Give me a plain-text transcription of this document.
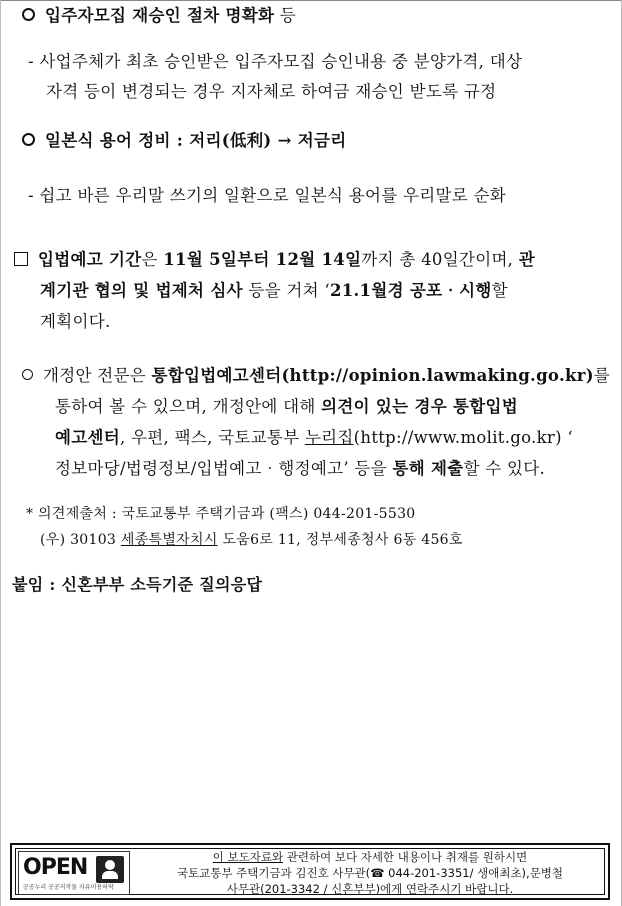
입주자모집 재승인 절차 명확화 등
- 사업주체가 최초 승인받은 입주자모집 승인내용 중 분양가격, 대상
자격 등이 변경되는 경우 지자체로 하여금 재승인 받도록 규정
일본식 용어 정비 : 저리(低利) → 저금리
- 쉽고 바른 우리말 쓰기의 일환으로 일본식 용어를 우리말로 순화
입법예고 기간은 11월 5일부터 12월 14일까지 총 40일간이며, 관
계기관 협의 및 법제처 심사 등을 거쳐 ‘21.1월경 공포‧시행할
계획이다.
개정안 전문은 통합입법예고센터(http://opinion.lawmaking.go.kr)를
통하여 볼 수 있으며, 개정안에 대해 의견이 있는 경우 통합입법
예고센터, 우편, 팩스, 국토교통부 누리집(http://www.molit.go.kr) ‘
정보마당/법령정보/입법예고‧행정예고’ 등을 통해 제출할 수 있다.
* 의견제출처 : 국토교통부 주택기금과 (팩스) 044-201-5530
(우) 30103 세종특별자치시 도움6로 11, 정부세종청사 6동 456호
붙임 : 신혼부부 소득기준 질의응답
OPEN
공공누리 공공저작물 자유이용허락
이 보도자료와 관련하여 보다 자세한 내용이나 취재를 원하시면
국토교통부 주택기금과 김진호 사무관(☎ 044-201-3351/ 생애최초),문병철
사무관(201-3342 / 신혼부부)에게 연락주시기 바랍니다.
